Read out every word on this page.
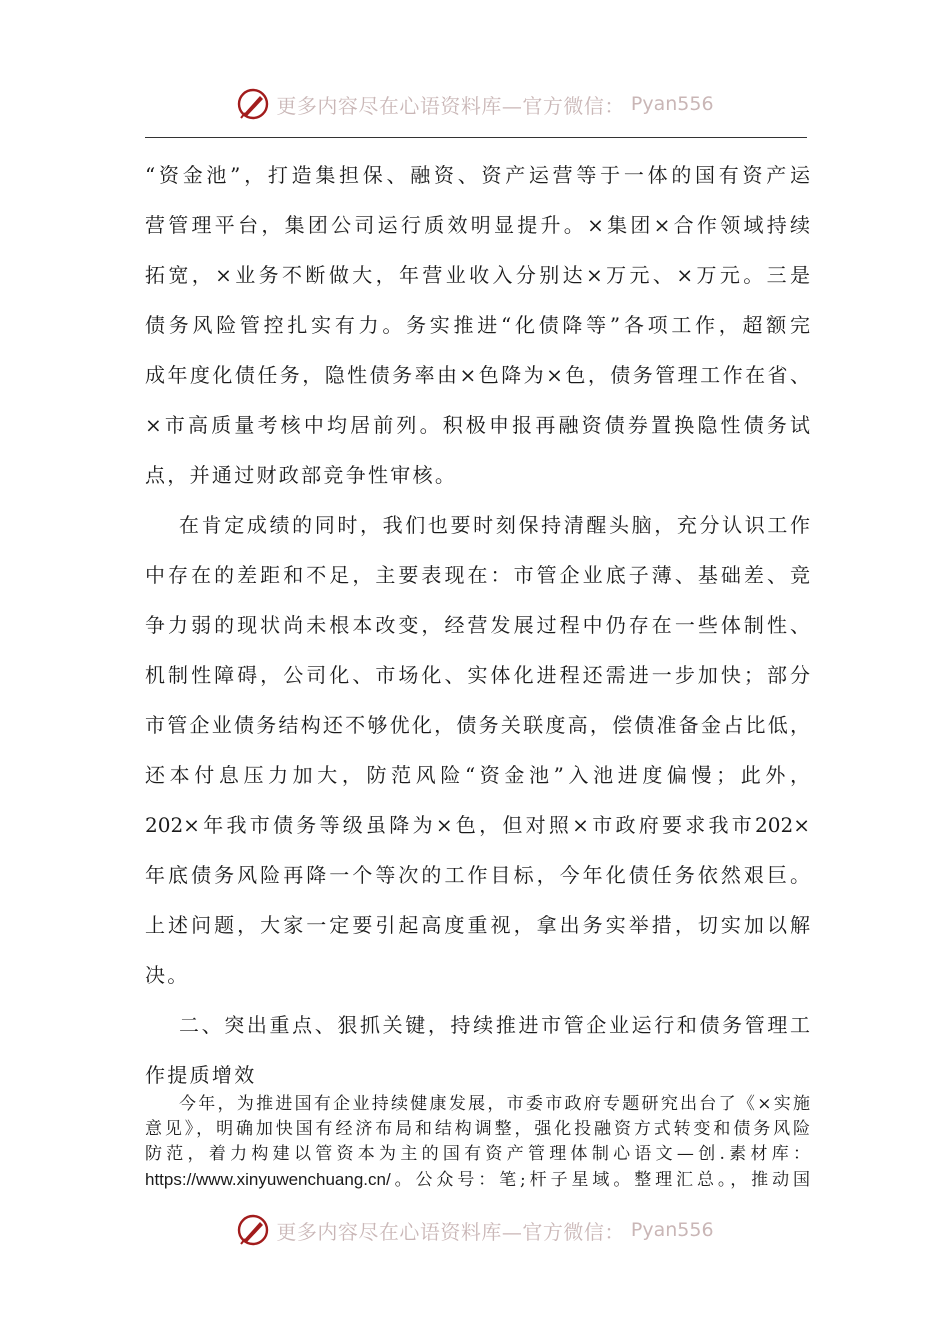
更多内容尽在心语资料库—官方微信： Pyan556
“资金池”，打造集担保、融资、资产运营等于一体的国有资产运
营管理平台，集团公司运行质效明显提升。×集团×合作领域持续
拓宽，×业务不断做大，年营业收入分别达×万元、×万元。三是
债务风险管控扎实有力。务实推进“化债降等”各项工作，超额完
成年度化债任务，隐性债务率由×色降为×色，债务管理工作在省、
×市高质量考核中均居前列。积极申报再融资债券置换隐性债务试
点，并通过财政部竞争性审核。
在肯定成绩的同时，我们也要时刻保持清醒头脑，充分认识工作
中存在的差距和不足，主要表现在：市管企业底子薄、基础差、竞
争力弱的现状尚未根本改变，经营发展过程中仍存在一些体制性、
机制性障碍，公司化、市场化、实体化进程还需进一步加快；部分
市管企业债务结构还不够优化，债务关联度高，偿债准备金占比低，
还本付息压力加大，防范风险“资金池”入池进度偏慢；此外，
202×年我市债务等级虽降为×色，但对照×市政府要求我市202×
年底债务风险再降一个等次的工作目标，今年化债任务依然艰巨。
上述问题，大家一定要引起高度重视，拿出务实举措，切实加以解
决。
二、突出重点、狠抓关键，持续推进市管企业运行和债务管理工
作提质增效
今年，为推进国有企业持续健康发展，市委市政府专题研究出台了《×实施
意见》，明确加快国有经济布局和结构调整，强化投融资方式转变和债务风险
防范，着力构建以管资本为主的国有资产管理体制心语文—创.素材库：
https://www.xinyuwenchuang.cn/。公众号：笔;杆子星域。整理汇总。，推动国
更多内容尽在心语资料库—官方微信： Pyan556
